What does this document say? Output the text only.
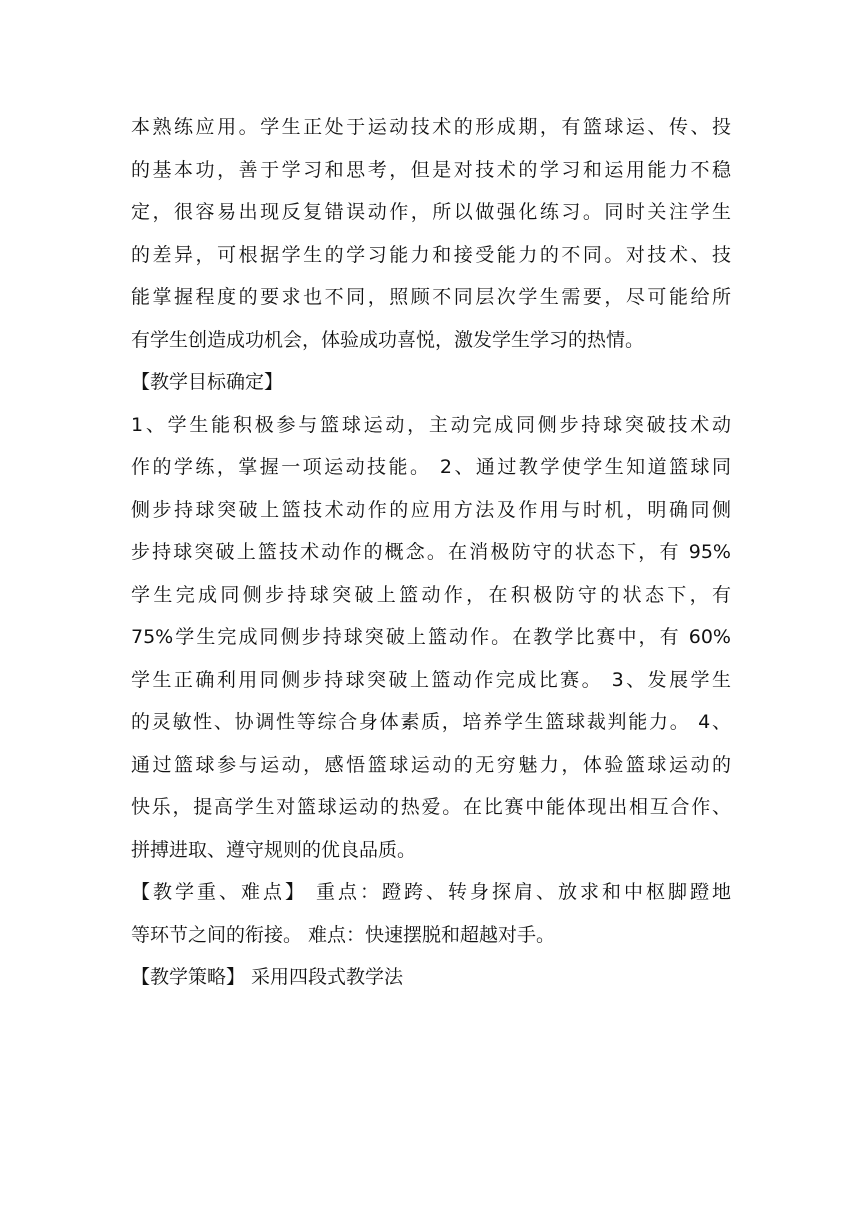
本熟练应用。学生正处于运动技术的形成期，有篮球运、传、投
的基本功，善于学习和思考，但是对技术的学习和运用能力不稳
定，很容易出现反复错误动作，所以做强化练习。同时关注学生
的差异，可根据学生的学习能力和接受能力的不同。对技术、技
能掌握程度的要求也不同，照顾不同层次学生需要，尽可能给所
有学生创造成功机会，体验成功喜悦，激发学生学习的热情。
【教学目标确定】
1、学生能积极参与篮球运动，主动完成同侧步持球突破技术动
作的学练，掌握一项运动技能。 2、通过教学使学生知道篮球同
侧步持球突破上篮技术动作的应用方法及作用与时机，明确同侧
步持球突破上篮技术动作的概念。在消极防守的状态下，有 95%
学生完成同侧步持球突破上篮动作，在积极防守的状态下，有
75%学生完成同侧步持球突破上篮动作。在教学比赛中，有 60%
学生正确利用同侧步持球突破上篮动作完成比赛。 3、发展学生
的灵敏性、协调性等综合身体素质，培养学生篮球裁判能力。 4、
通过篮球参与运动，感悟篮球运动的无穷魅力，体验篮球运动的
快乐，提高学生对篮球运动的热爱。在比赛中能体现出相互合作、
拼搏进取、遵守规则的优良品质。
【教学重、难点】 重点：蹬跨、转身探肩、放求和中枢脚蹬地
等环节之间的衔接。 难点：快速摆脱和超越对手。
【教学策略】 采用四段式教学法
